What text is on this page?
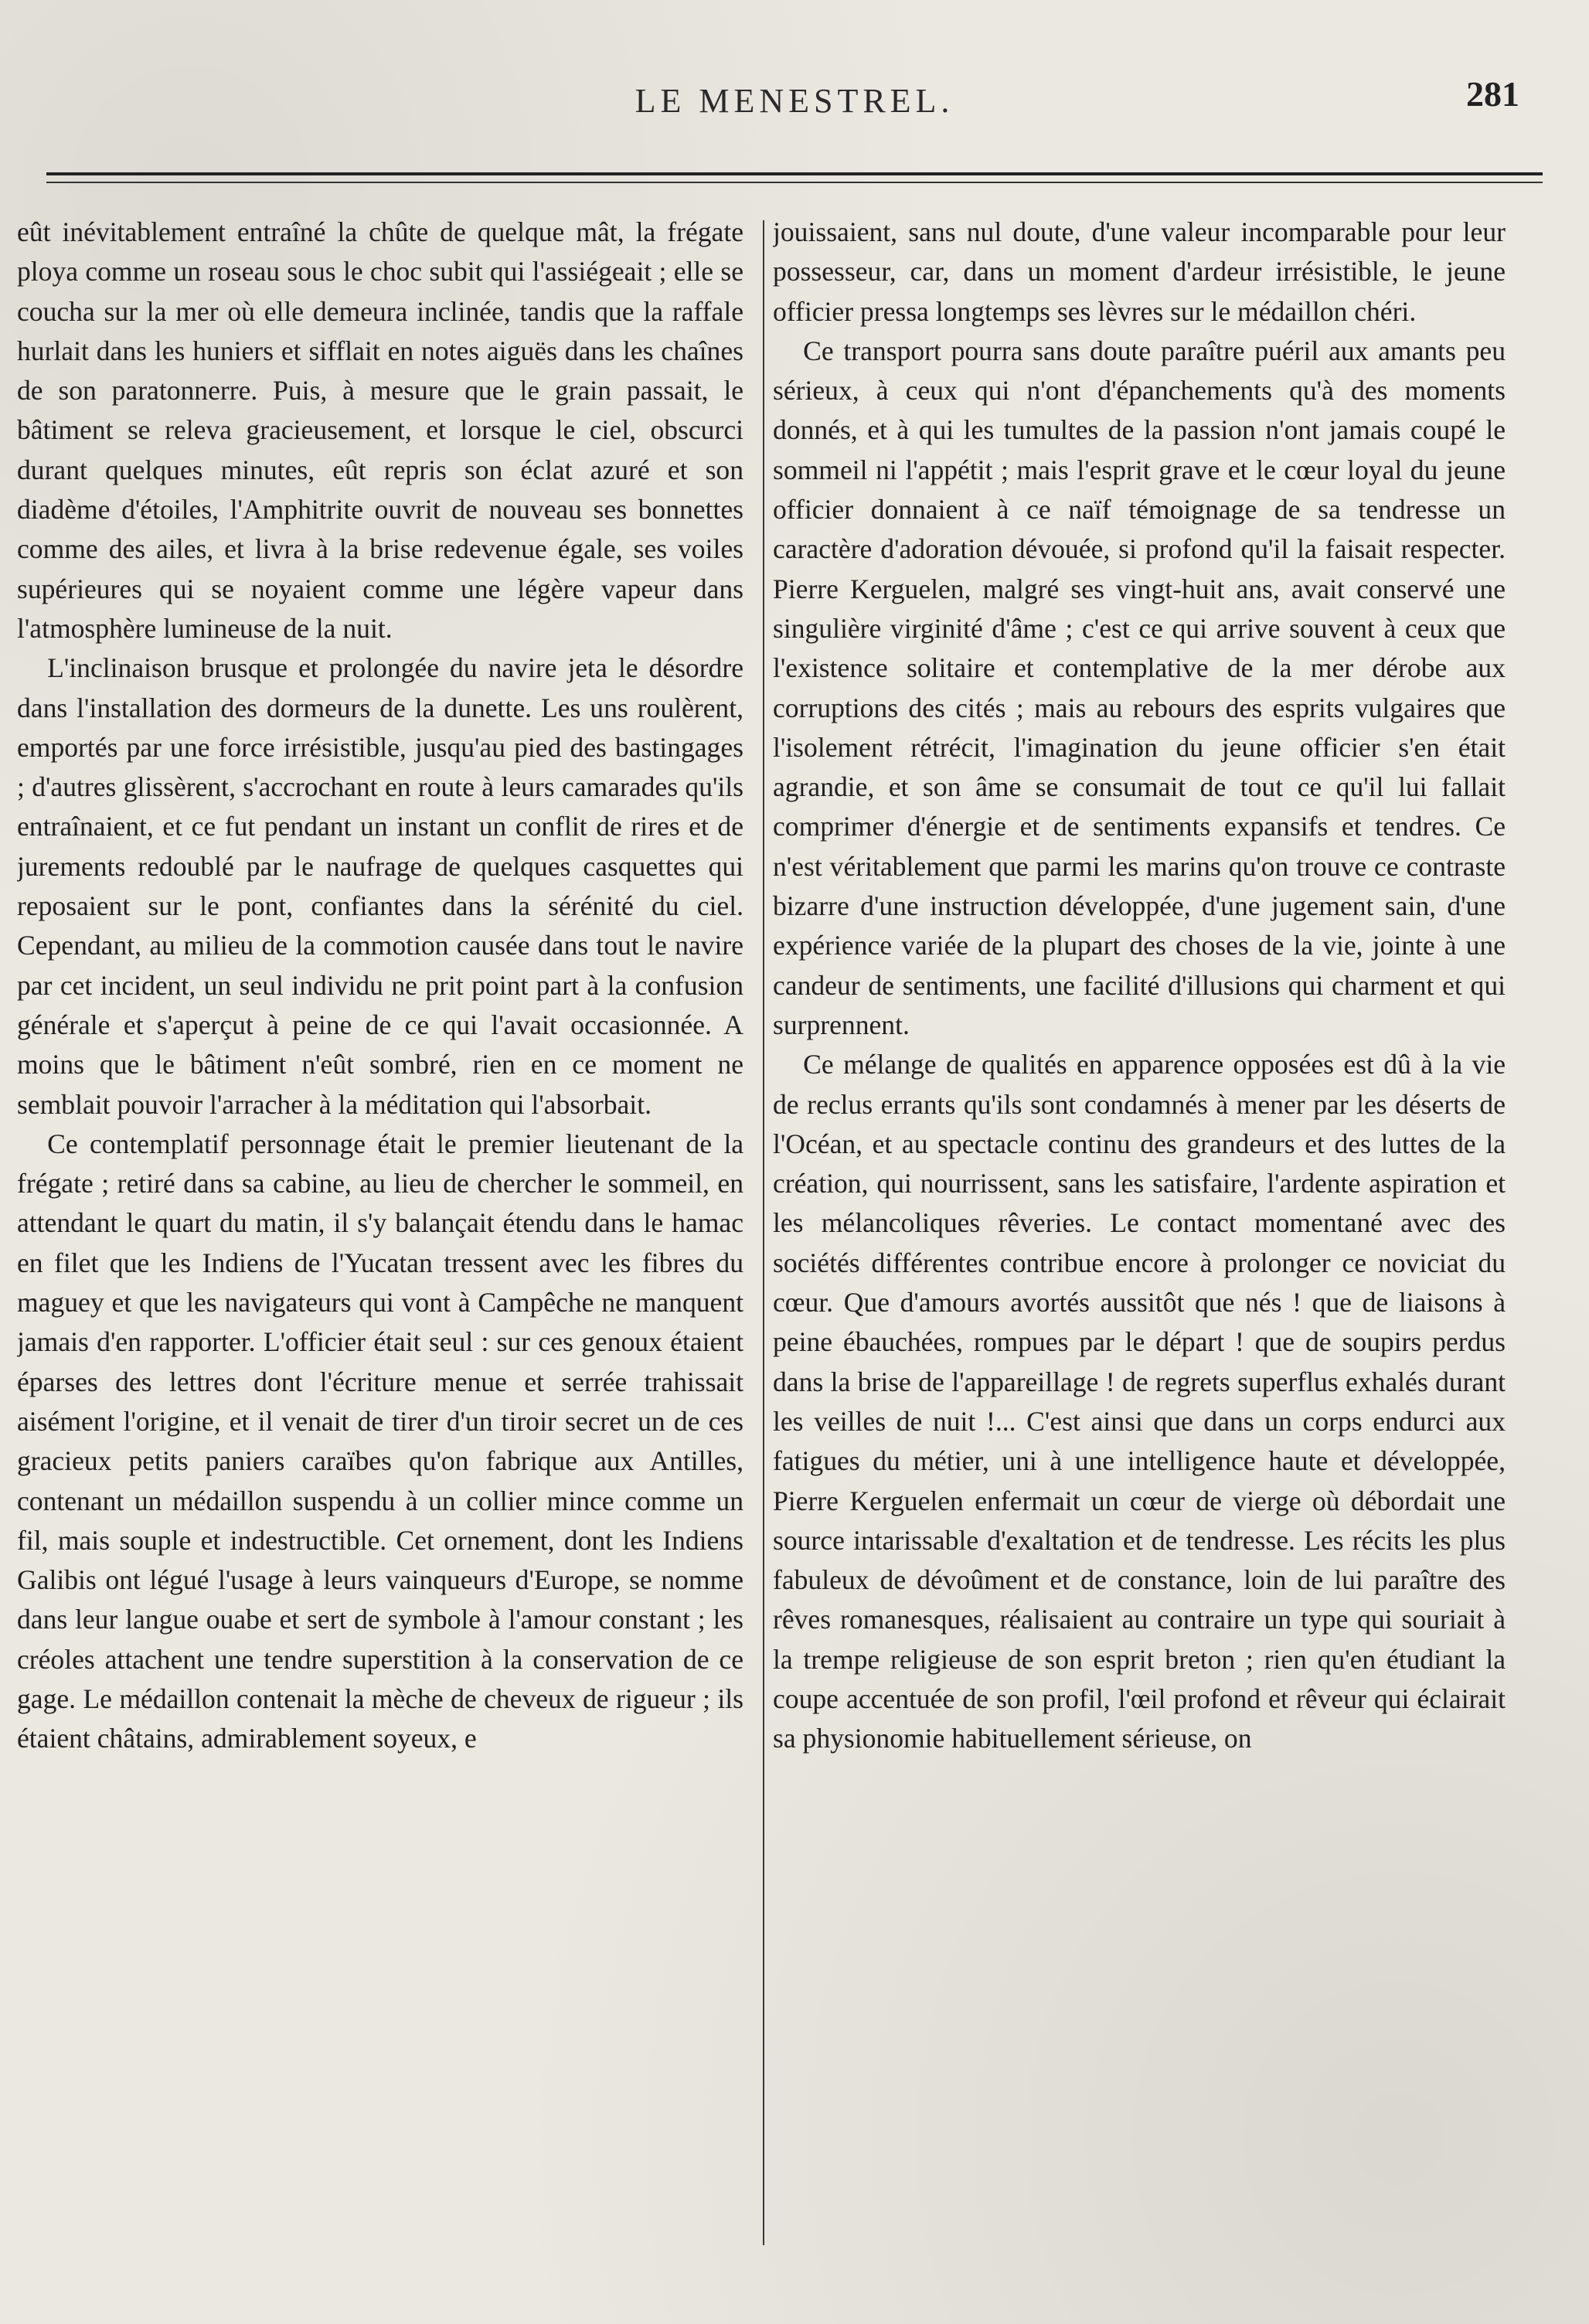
LE MENESTREL.	281

eût inévitablement entraîné la chûte de quelque mât, la frégate ploya comme un roseau sous le choc subit qui l'assiégeait ; elle se coucha sur la mer où elle demeura inclinée, tandis que la raffale hurlait dans les huniers et sifflait en notes aiguës dans les chaînes de son paratonnerre. Puis, à mesure que le grain passait, le bâtiment se releva gracieusement, et lorsque le ciel, obscurci durant quelques minutes, eût repris son éclat azuré et son diadème d'étoiles, l'Amphitrite ouvrit de nouveau ses bonnettes comme des ailes, et livra à la brise redevenue égale, ses voiles supérieures qui se noyaient comme une légère vapeur dans l'atmosphère lumineuse de la nuit.

L'inclinaison brusque et prolongée du navire jeta le désordre dans l'installation des dormeurs de la dunette. Les uns roulèrent, emportés par une force irrésistible, jusqu'au pied des bastingages ; d'autres glissèrent, s'accrochant en route à leurs camarades qu'ils entraînaient, et ce fut pendant un instant un conflit de rires et de jurements redoublé par le naufrage de quelques casquettes qui reposaient sur le pont, confiantes dans la sérénité du ciel. Cependant, au milieu de la commotion causée dans tout le navire par cet incident, un seul individu ne prit point part à la confusion générale et s'aperçut à peine de ce qui l'avait occasionnée. A moins que le bâtiment n'eût sombré, rien en ce moment ne semblait pouvoir l'arracher à la méditation qui l'absorbait.

Ce contemplatif personnage était le premier lieutenant de la frégate ; retiré dans sa cabine, au lieu de chercher le sommeil, en attendant le quart du matin, il s'y balançait étendu dans le hamac en filet que les Indiens de l'Yucatan tressent avec les fibres du maguey et que les navigateurs qui vont à Campêche ne manquent jamais d'en rapporter. L'officier était seul : sur ces genoux étaient éparses des lettres dont l'écriture menue et serrée trahissait aisément l'origine, et il venait de tirer d'un tiroir secret un de ces gracieux petits paniers caraïbes qu'on fabrique aux Antilles, contenant un médaillon suspendu à un collier mince comme un fil, mais souple et indestructible. Cet ornement, dont les Indiens Galibis ont légué l'usage à leurs vainqueurs d'Europe, se nomme dans leur langue ouabe et sert de symbole à l'amour constant ; les créoles attachent une tendre superstition à la conservation de ce gage. Le médaillon contenait la mèche de cheveux de rigueur ; ils étaient châtains, admirablement soyeux, e

jouissaient, sans nul doute, d'une valeur incomparable pour leur possesseur, car, dans un moment d'ardeur irrésistible, le jeune officier pressa longtemps ses lèvres sur le médaillon chéri.

Ce transport pourra sans doute paraître puéril aux amants peu sérieux, à ceux qui n'ont d'épanchements qu'à des moments donnés, et à qui les tumultes de la passion n'ont jamais coupé le sommeil ni l'appétit ; mais l'esprit grave et le cœur loyal du jeune officier donnaient à ce naïf témoignage de sa tendresse un caractère d'adoration dévouée, si profond qu'il la faisait respecter. Pierre Kerguelen, malgré ses vingt-huit ans, avait conservé une singulière virginité d'âme ; c'est ce qui arrive souvent à ceux que l'existence solitaire et contemplative de la mer dérobe aux corruptions des cités ; mais au rebours des esprits vulgaires que l'isolement rétrécit, l'imagination du jeune officier s'en était agrandie, et son âme se consumait de tout ce qu'il lui fallait comprimer d'énergie et de sentiments expansifs et tendres. Ce n'est véritablement que parmi les marins qu'on trouve ce contraste bizarre d'une instruction développée, d'une jugement sain, d'une expérience variée de la plupart des choses de la vie, jointe à une candeur de sentiments, une facilité d'illusions qui charment et qui surprennent.

Ce mélange de qualités en apparence opposées est dû à la vie de reclus errants qu'ils sont condamnés à mener par les déserts de l'Océan, et au spectacle continu des grandeurs et des luttes de la création, qui nourrissent, sans les satisfaire, l'ardente aspiration et les mélancoliques rêveries. Le contact momentané avec des sociétés différentes contribue encore à prolonger ce noviciat du cœur. Que d'amours avortés aussitôt que nés ! que de liaisons à peine ébauchées, rompues par le départ ! que de soupirs perdus dans la brise de l'appareillage ! de regrets superflus exhalés durant les veilles de nuit !... C'est ainsi que dans un corps endurci aux fatigues du métier, uni à une intelligence haute et développée, Pierre Kerguelen enfermait un cœur de vierge où débordait une source intarissable d'exaltation et de tendresse. Les récits les plus fabuleux de dévoûment et de constance, loin de lui paraître des rêves romanesques, réalisaient au contraire un type qui souriait à la trempe religieuse de son esprit breton ; rien qu'en étudiant la coupe accentuée de son profil, l'œil profond et rêveur qui éclairait sa physionomie habituellement sérieuse, on
